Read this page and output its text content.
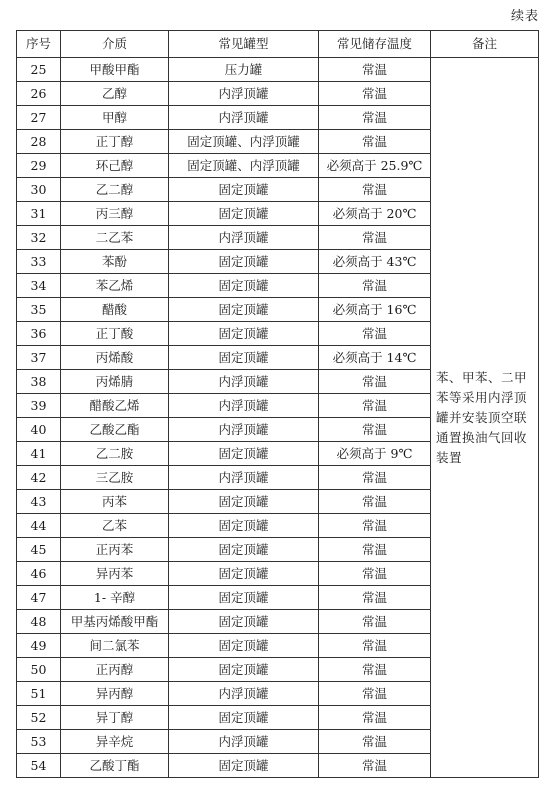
续表
序号	介质	常见罐型	常见储存温度	备注
25	甲酸甲酯	压力罐	常温	苯、甲苯、二甲苯等采用内浮顶罐并安装顶空联通置换油气回收装置
26	乙醇	内浮顶罐	常温	
27	甲醇	内浮顶罐	常温	
28	正丁醇	固定顶罐、内浮顶罐	常温	
29	环己醇	固定顶罐、内浮顶罐	必须高于 25.9℃	
30	乙二醇	固定顶罐	常温	
31	丙三醇	固定顶罐	必须高于 20℃	
32	二乙苯	内浮顶罐	常温	
33	苯酚	固定顶罐	必须高于 43℃	
34	苯乙烯	固定顶罐	常温	
35	醋酸	固定顶罐	必须高于 16℃	
36	正丁酸	固定顶罐	常温	
37	丙烯酸	固定顶罐	必须高于 14℃	
38	丙烯腈	内浮顶罐	常温	
39	醋酸乙烯	内浮顶罐	常温	
40	乙酸乙酯	内浮顶罐	常温	
41	乙二胺	固定顶罐	必须高于 9℃	
42	三乙胺	内浮顶罐	常温	
43	丙苯	固定顶罐	常温	
44	乙苯	固定顶罐	常温	
45	正丙苯	固定顶罐	常温	
46	异丙苯	固定顶罐	常温	
47	1- 辛醇	固定顶罐	常温	
48	甲基丙烯酸甲酯	固定顶罐	常温	
49	间二氯苯	固定顶罐	常温	
50	正丙醇	固定顶罐	常温	
51	异丙醇	内浮顶罐	常温	
52	异丁醇	固定顶罐	常温	
53	异辛烷	内浮顶罐	常温	
54	乙酸丁酯	固定顶罐	常温	
